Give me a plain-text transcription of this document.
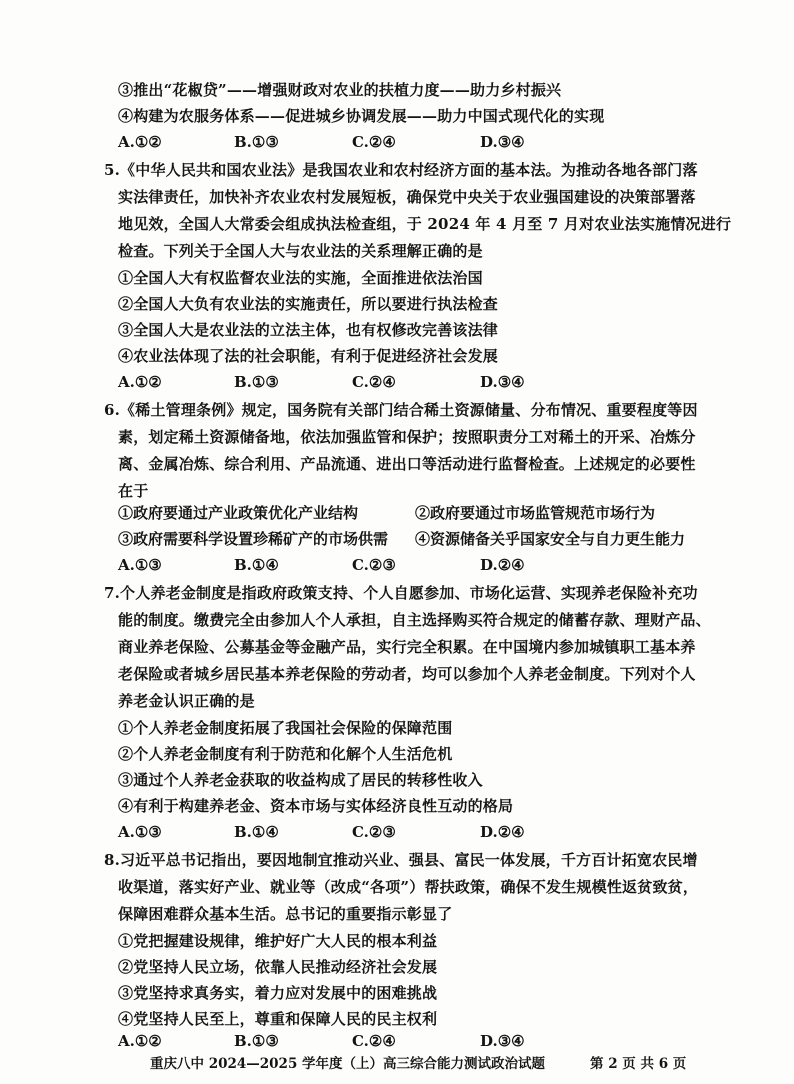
③推出“花椒贷”——增强财政对农业的扶植力度——助力乡村振兴
④构建为农服务体系——促进城乡协调发展——助力中国式现代化的实现
A.①②	B.①③	C.②④	D.③④
5.《中华人民共和国农业法》是我国农业和农村经济方面的基本法。为推动各地各部门落
实法律责任，加快补齐农业农村发展短板，确保党中央关于农业强国建设的决策部署落
地见效，全国人大常委会组成执法检查组，于 2024 年 4 月至 7 月对农业法实施情况进行
检查。下列关于全国人大与农业法的关系理解正确的是
①全国人大有权监督农业法的实施，全面推进依法治国
②全国人大负有农业法的实施责任，所以要进行执法检查
③全国人大是农业法的立法主体，也有权修改完善该法律
④农业法体现了法的社会职能，有利于促进经济社会发展
A.①②	B.①③	C.②④	D.③④
6.《稀土管理条例》规定，国务院有关部门结合稀土资源储量、分布情况、重要程度等因
素，划定稀土资源储备地，依法加强监管和保护；按照职责分工对稀土的开采、冶炼分
离、金属冶炼、综合利用、产品流通、进出口等活动进行监督检查。上述规定的必要性
在于
①政府要通过产业政策优化产业结构	②政府要通过市场监管规范市场行为
③政府需要科学设置珍稀矿产的市场供需 ④资源储备关乎国家安全与自力更生能力
A.①③	B.①④	C.②③	D.②④
7.个人养老金制度是指政府政策支持、个人自愿参加、市场化运营、实现养老保险补充功
能的制度。缴费完全由参加人个人承担，自主选择购买符合规定的储蓄存款、理财产品、
商业养老保险、公募基金等金融产品，实行完全积累。在中国境内参加城镇职工基本养
老保险或者城乡居民基本养老保险的劳动者，均可以参加个人养老金制度。下列对个人
养老金认识正确的是
①个人养老金制度拓展了我国社会保险的保障范围
②个人养老金制度有利于防范和化解个人生活危机
③通过个人养老金获取的收益构成了居民的转移性收入
④有利于构建养老金、资本市场与实体经济良性互动的格局
A.①③	B.①④	C.②③	D.②④
8.习近平总书记指出，要因地制宜推动兴业、强县、富民一体发展，千方百计拓宽农民增
收渠道，落实好产业、就业等（改成“各项”）帮扶政策，确保不发生规模性返贫致贫，
保障困难群众基本生活。总书记的重要指示彰显了
①党把握建设规律，维护好广大人民的根本利益
②党坚持人民立场，依靠人民推动经济社会发展
③党坚持求真务实，着力应对发展中的困难挑战
④党坚持人民至上，尊重和保障人民的民主权利
A.①②	B.①③	C.②④	D.③④
重庆八中 2024—2025 学年度（上）高三综合能力测试政治试题	第 2 页 共 6 页
